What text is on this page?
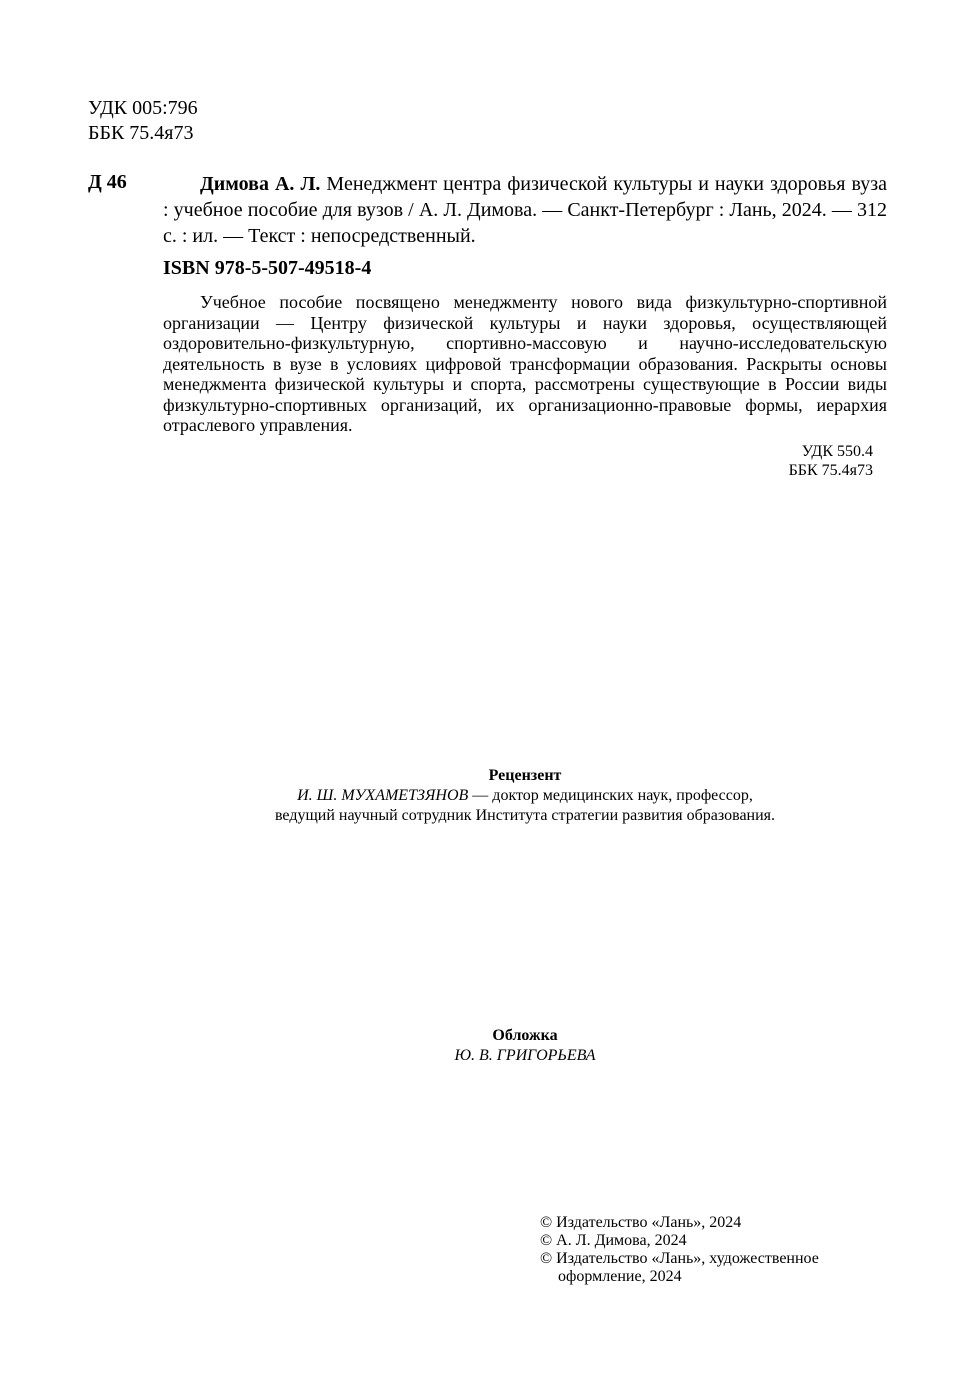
УДК 005:796
ББК 75.4я73
Д 46	Димова А. Л. Менеджмент центра физической культуры и науки здоровья вуза : учебное пособие для вузов / А. Л. Димова. — Санкт-Петербург : Лань, 2024. — 312 с. : ил. — Текст : непосредственный.
ISBN 978-5-507-49518-4
Учебное пособие посвящено менеджменту нового вида физкультурно-спортивной организации — Центру физической культуры и науки здоровья, осуществляющей оздоровительно-физкультурную, спортивно-массовую и научно-исследовательскую деятельность в вузе в условиях цифровой трансформации образования. Раскрыты основы менеджмента физической культуры и спорта, рассмотрены существующие в России виды физкультурно-спортивных организаций, их организационно-правовые формы, иерархия отраслевого управления.
УДК 550.4
ББК 75.4я73
Рецензент
И. Ш. МУХАМЕТЗЯНОВ — доктор медицинских наук, профессор,
ведущий научный сотрудник Института стратегии развития образования.
Обложка
Ю. В. ГРИГОРЬЕВА
© Издательство «Лань», 2024
© А. Л. Димова, 2024
© Издательство «Лань», художественное
оформление, 2024
